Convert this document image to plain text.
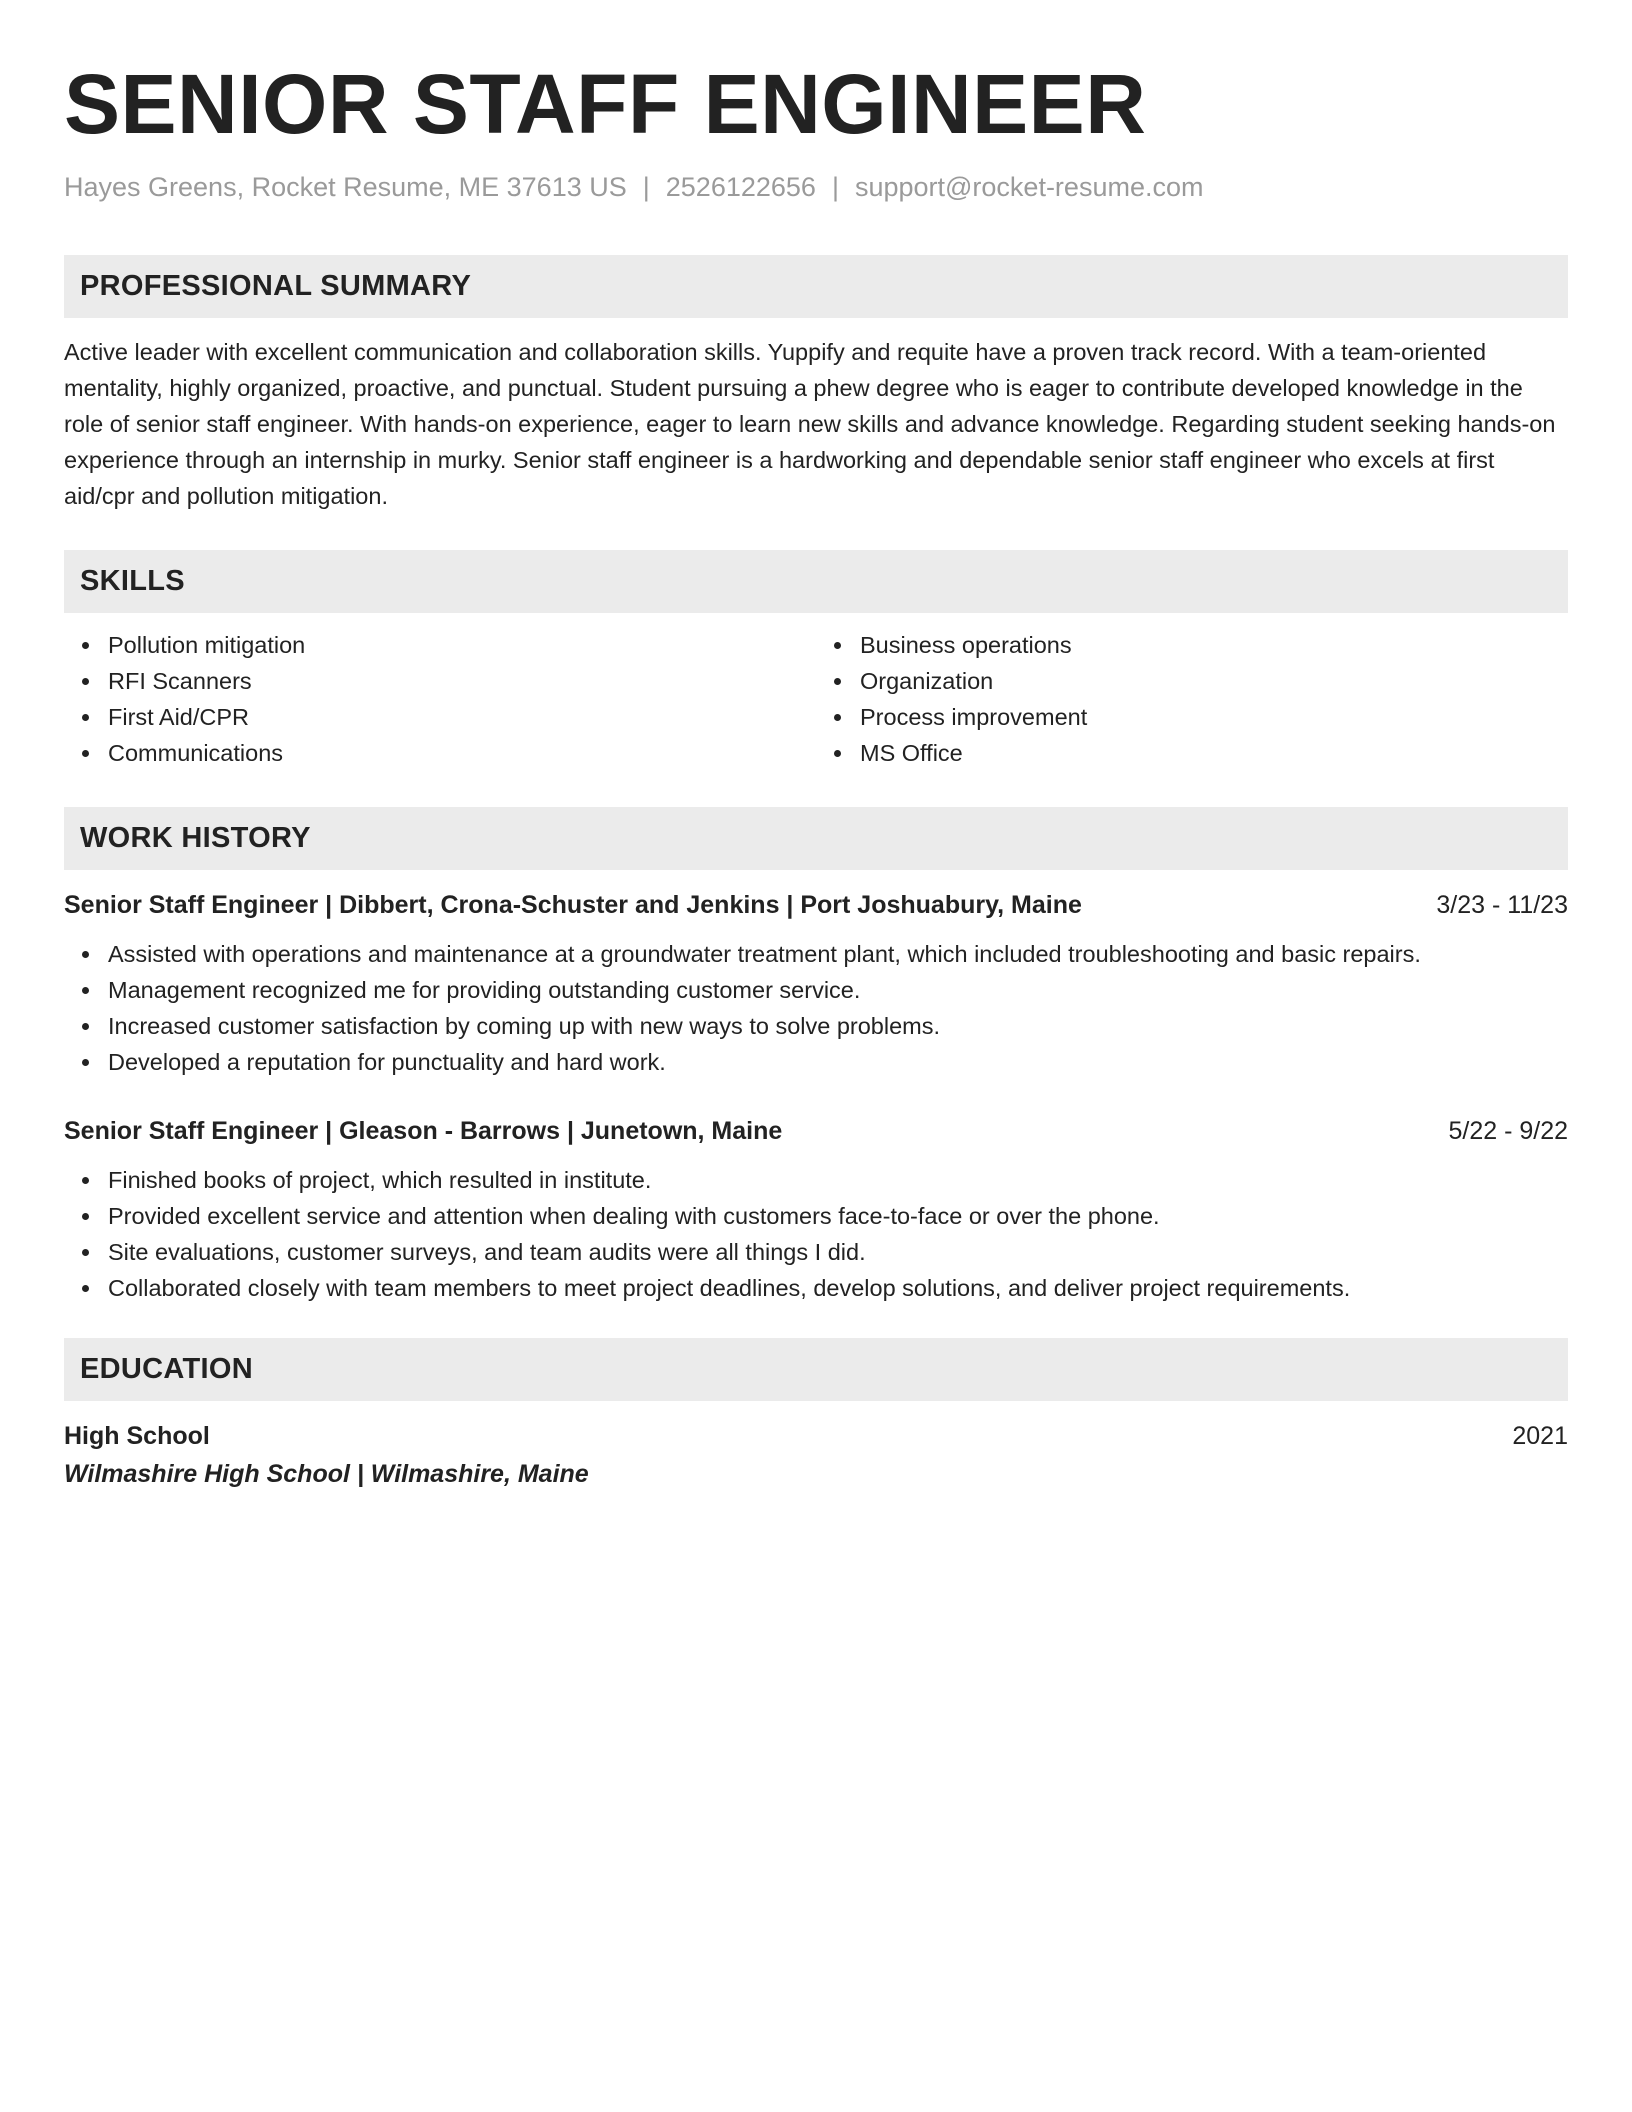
SENIOR STAFF ENGINEER
Hayes Greens, Rocket Resume, ME 37613 US | 2526122656 | support@rocket-resume.com
PROFESSIONAL SUMMARY

Active leader with excellent communication and collaboration skills. Yuppify and requite have a proven track record. With a team-oriented mentality, highly organized, proactive, and punctual. Student pursuing a phew degree who is eager to contribute developed knowledge in the role of senior staff engineer. With hands-on experience, eager to learn new skills and advance knowledge. Regarding student seeking hands-on experience through an internship in murky. Senior staff engineer is a hardworking and dependable senior staff engineer who excels at first aid/cpr and pollution mitigation.

SKILLS
Pollution mitigation
RFI Scanners
First Aid/CPR
Communications
Business operations
Organization
Process improvement
MS Office
WORK HISTORY
Senior Staff Engineer | Dibbert, Crona-Schuster and Jenkins | Port Joshuabury, Maine	3/23 - 11/23
Assisted with operations and maintenance at a groundwater treatment plant, which included troubleshooting and basic repairs.
Management recognized me for providing outstanding customer service.
Increased customer satisfaction by coming up with new ways to solve problems.
Developed a reputation for punctuality and hard work.
Senior Staff Engineer | Gleason - Barrows | Junetown, Maine	5/22 - 9/22
Finished books of project, which resulted in institute.
Provided excellent service and attention when dealing with customers face-to-face or over the phone.
Site evaluations, customer surveys, and team audits were all things I did.
Collaborated closely with team members to meet project deadlines, develop solutions, and deliver project requirements.
EDUCATION
High School	2021
Wilmashire High School | Wilmashire, Maine
